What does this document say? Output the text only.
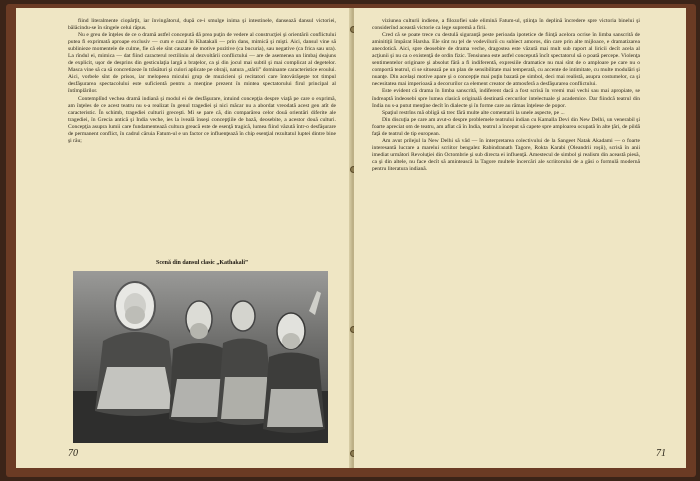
fiind literalmente ciopârţit, iar învingătorul, după ce-i smulge inima şi intestinele, dansează dansul victoriei, bălăcindu-se în sîngele celui răpus.

Nu e greu de înţeles de ce o dramă astfel concepută dă prea puţin de vedere al construcţiei şi orientării conflictului putea fi exprimată aproape exclusiv — cum e cazul în Khatakali — prin dans, mimică şi mişti. Aici, dansul vine să sublinieze momentele de culme, fie că ele sînt cauzate de motive pozitive (ca bucuria), sau negative (ca frica sau ura). La rîndul ei, mimica — dat fiind caracterul rectiliniu al dezvoltării conflictului — are de asemenea un limbaj deajuns de explicit, uşor de desprins din gesticulaţia largă a braţelor, ca şi din jocul mai subtil şi mai complicat al degetelor. Masca vine să ca să concretizeze în trăsături şi culori aplicate pe obraji, natura „stării” dominante caracteristice eroului. Aici, vorbele sînt de prisos, iar melopeea micului grup de muzicieni şi recitatori care întovărăşeşte tot timpul desfăşurarea spectacolului este suficientă pentru a menţine prezent în mintea spectatorului firul principal al întîmplărilor.

Contemplînd vechea dramă indiană şi modul ei de desfăşurare, intuind concepţia despre viaţă pe care o exprimă, am înţeles de ce acest teatru nu s-a realizat în genul tragediei şi nici măcar nu a abordat vreodată acest gen atît de caracteristic. În schimb, tragediei culturii greceşti. Mi se pare că, din comparărea celor două orientări diferite ale tragediei, în Grecia antică şi India veche, ies la iveală înseşi concepţiile de bază, deosebite, a acestor două culturi. Concepţia asupra lumii care fundamentează cultura greacă este de esenţă tragică, lumea fiind văzută într-o desfăşurare de permanent conflict, în cadrul căruia Fatum-ul e un factor ce influenţează în chip esenţial rezultatul luptei dintre bine şi rău;

Scenă din dansul clasic „Kathakali”
70

viziunea culturii indiene, a filozofiei sale eliminä Fatum-ul, ştiinţa în deplină încredere spre victoria binelui şi considerînd această victorie ca lege supremă a firii.

Cred că se poate trece cu destulă siguranţă peste perioada ipotetice de fiinţă acelora ocrise în limba sanscrită de aminitiţii împărat Harsha. Ele sînt nu ţel de vodevilurii cu subiect amoros, din care prin alte mijloace, e dramatizarea anecdotică. Aici, spre deosebire de drama veche, dragostea este văzută mai mult sub raport al liricii decît acela al acţiunii şi nu ca o existenţă de ordin fizic. Tensiunea este astfel concepută încît spectatorul să o poată percepe. Violenţa sentimentelor originare şi absolut fără a fi indiferentă, expresiile dramatice nu mai sînt de o amploare pe care nu o comportă teatrul, ci se situează pe un plan de sensibilitate mai temperată, cu accente de intimitate, cu multe modulări şi nuanţe. Din acelaşi motive apare şi o concepţie mai puţin bazată pe simbol, deci mai realistă, asupra costumelor, ca şi necesitatea mai imperioasă a decorurilor ca element creator de atmosferă a desfăşurarea conflictului.

Este evident că drama în limba sanscrită, indiferent dacă a fost scrisă în vremi mai vechi sau mai apropiate, se îndreaptă îndeosebi spre lumea clasică originală destinată cercurilor intelectuale şi academice. Dar fiindcă teatrul din India nu s-a putut menţine decît în dialecte şi în forme care au rămas înţelese de popor.

Spaţiul restrîns mă obligă să trec fără multe alte comentarii la unele aspecte, pe ...

Din discuţia pe care am avut-o despre problemele teatrului indian cu Kamalla Devi din New Delhi, un venerabil şi foarte apreciat om de teatru, am aflat că în India, teatrul a început să capete spre amploarea ocupată în alte ţări, de pildă faţă de teatrul de tip european.

Am avut prilejul la New Delhi să văd — în interpretarea colectivului de la Sangeet Natak Akadami — o foarte interesantă lucrare a marelui scriitor bengalez Rabindranath Tagore, Rokta Karabi (Oleandrii roşii), scrisă în anii imediat următori Revoluţiei din Octombrie şi sub directa ei influenţă. Amestecul de simbol şi realism din această piesă, ca şi din altele, nu face decît să amintească la Tagore multele încercări ale scriitorului de a găsi o formulă modernă pentru literatura indiană.

71
